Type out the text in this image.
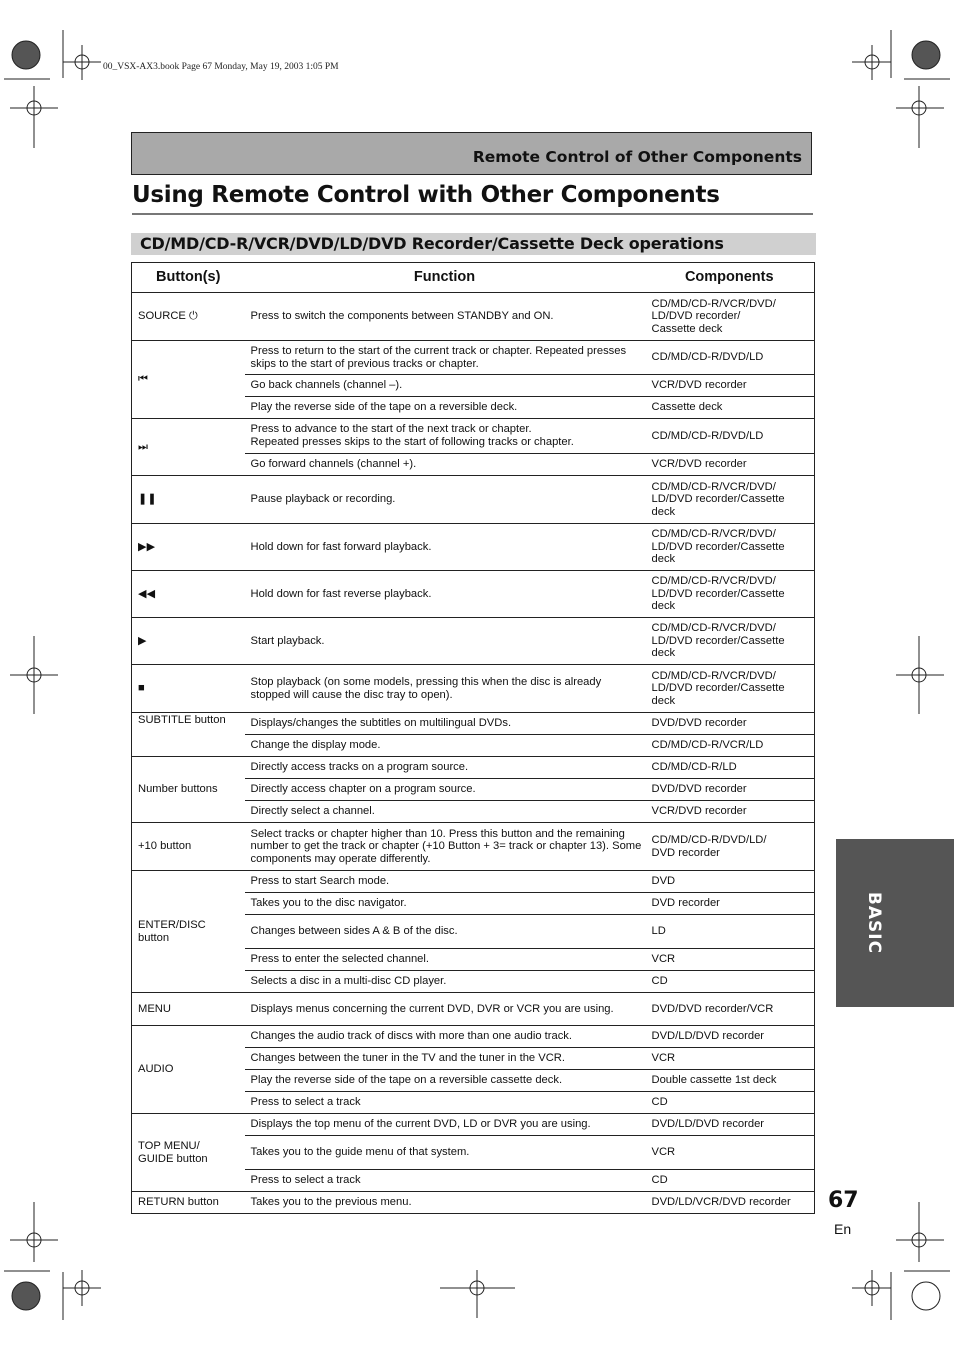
00_VSX-AX3.book Page 67 Monday, May 19, 2003 1:05 PM
Remote Control of Other Components
Using Remote Control with Other Components
CD/MD/CD-R/VCR/DVD/LD/DVD Recorder/Cassette Deck operations
Button(s)	Function	Components
SOURCE ⏻	Press to switch the components between STANDBY and ON.	CD/MD/CD-R/VCR/DVD/
LD/DVD recorder/
Cassette deck
⏮	Press to return to the start of the current track or chapter. Repeated presses skips to the start of previous tracks or chapter.	CD/MD/CD-R/DVD/LD
	Go back channels (channel –).	VCR/DVD recorder
	Play the reverse side of the tape on a reversible deck.	Cassette deck
⏭	Press to advance to the start of the next track or chapter.
Repeated presses skips to the start of following tracks or chapter.	CD/MD/CD-R/DVD/LD
	Go forward channels (channel +).	VCR/DVD recorder
❚❚	Pause playback or recording.	CD/MD/CD-R/VCR/DVD/
LD/DVD recorder/Cassette
deck
▶▶	Hold down for fast forward playback.	CD/MD/CD-R/VCR/DVD/
LD/DVD recorder/Cassette
deck
◀◀	Hold down for fast reverse playback.	CD/MD/CD-R/VCR/DVD/
LD/DVD recorder/Cassette
deck
▶	Start playback.	CD/MD/CD-R/VCR/DVD/
LD/DVD recorder/Cassette
deck
■	Stop playback (on some models, pressing this when the disc is already stopped will cause the disc tray to open).	CD/MD/CD-R/VCR/DVD/
LD/DVD recorder/Cassette
deck
SUBTITLE button	Displays/changes the subtitles on multilingual DVDs.	DVD/DVD recorder
	Change the display mode.	CD/MD/CD-R/VCR/LD
Number buttons	Directly access tracks on a program source.	CD/MD/CD-R/LD
	Directly access chapter on a program source.	DVD/DVD recorder
	Directly select a channel.	VCR/DVD recorder
+10 button	Select tracks or chapter higher than 10. Press this button and the remaining number to get the track or chapter (+10 Button + 3= track or chapter 13). Some components may operate differently.	CD/MD/CD-R/DVD/LD/
DVD recorder
ENTER/DISC
button	Press to start Search mode.	DVD
	Takes you to the disc navigator.	DVD recorder
	Changes between sides A & B of the disc.	LD
	Press to enter the selected channel.	VCR
	Selects a disc in a multi-disc CD player.	CD
MENU	Displays menus concerning the current DVD, DVR or VCR you are using.	DVD/DVD recorder/VCR
AUDIO	Changes the audio track of discs with more than one audio track.	DVD/LD/DVD recorder
	Changes between the tuner in the TV and the tuner in the VCR.	VCR
	Play the reverse side of the tape on a reversible cassette deck.	Double cassette 1st deck
	Press to select a track	CD
TOP MENU/
GUIDE button	Displays the top menu of the current DVD, LD or DVR you are using.	DVD/LD/DVD recorder
	Takes you to the guide menu of that system.	VCR
	Press to select a track	CD
RETURN button	Takes you to the previous menu.	DVD/LD/VCR/DVD recorder
BASIC
67
En
